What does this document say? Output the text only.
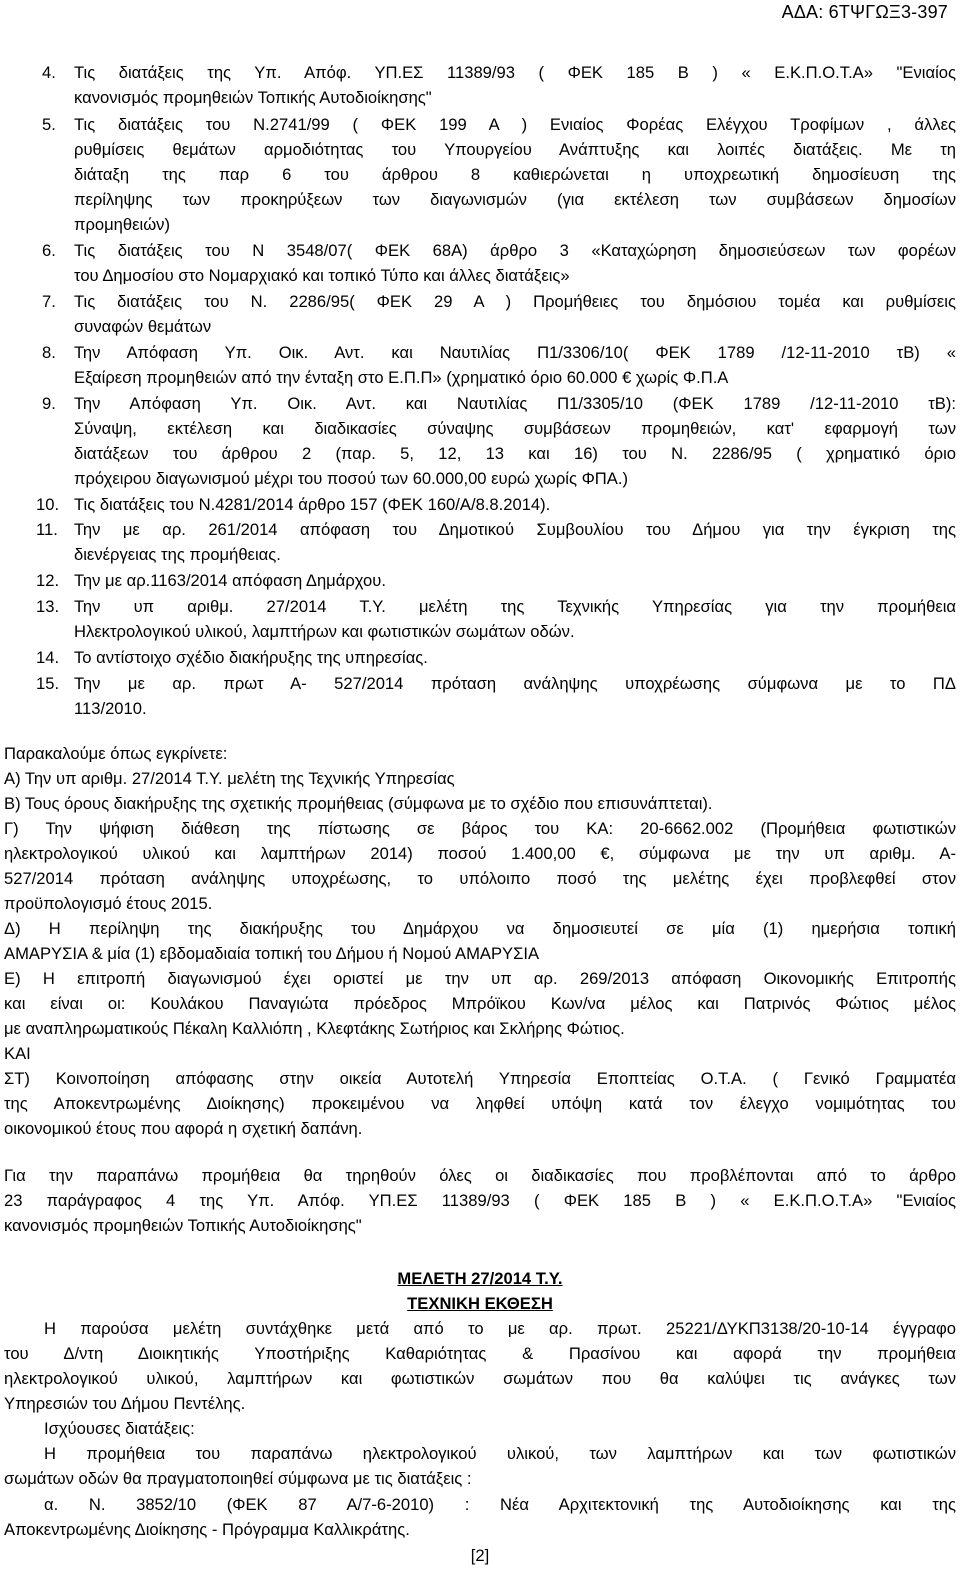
ΑΔΑ: 6ΤΨΓΩΞ3-397
4. Τις διατάξεις της Υπ. Απόφ. ΥΠ.ΕΣ 11389/93 ( ΦΕΚ 185 Β ) « Ε.Κ.Π.Ο.Τ.Α» "Ενιαίος
κανονισμός προμηθειών Τοπικής Αυτοδιοίκησης"
5. Τις διατάξεις του Ν.2741/99 ( ΦΕΚ 199 Α ) Ενιαίος Φορέας Ελέγχου Τροφίμων , άλλες
ρυθμίσεις θεμάτων αρμοδιότητας του Υπουργείου Ανάπτυξης και λοιπές διατάξεις. Με τη
διάταξη της παρ 6 του άρθρου 8 καθιερώνεται η υποχρεωτική δημοσίευση της
περίληψης των προκηρύξεων των διαγωνισμών (για εκτέλεση των συμβάσεων δημοσίων
προμηθειών)
6. Τις διατάξεις του Ν 3548/07( ΦΕΚ 68Α) άρθρο 3 «Καταχώρηση δημοσιεύσεων των φορέων
του Δημοσίου στο Νομαρχιακό και τοπικό Τύπο και άλλες διατάξεις»
7. Τις διατάξεις του Ν. 2286/95( ΦΕΚ 29 Α ) Προμήθειες του δημόσιου τομέα και ρυθμίσεις
συναφών θεμάτων
8. Την Απόφαση Υπ. Οικ. Αντ. και Ναυτιλίας Π1/3306/10( ΦΕΚ 1789 /12-11-2010 τΒ) «
Εξαίρεση προμηθειών από την ένταξη στο Ε.Π.Π» (χρηματικό όριο 60.000 € χωρίς Φ.Π.Α
9. Την Απόφαση Υπ. Οικ. Αντ. και Ναυτιλίας Π1/3305/10 (ΦΕΚ 1789 /12-11-2010 τΒ):
Σύναψη, εκτέλεση και διαδικασίες σύναψης συμβάσεων προμηθειών, κατ' εφαρμογή των
διατάξεων του άρθρου 2 (παρ. 5, 12, 13 και 16) του Ν. 2286/95 ( χρηματικό όριο
πρόχειρου διαγωνισμού μέχρι του ποσού των 60.000,00 ευρώ χωρίς ΦΠΑ.)
10. Τις διατάξεις του Ν.4281/2014 άρθρο 157 (ΦΕΚ 160/Α/8.8.2014).
11. Την με αρ. 261/2014 απόφαση του Δημοτικού Συμβουλίου του Δήμου για την έγκριση της
διενέργειας της προμήθειας.
12. Την με αρ.1163/2014 απόφαση Δημάρχου.
13. Την υπ αριθμ. 27/2014 Τ.Υ. μελέτη της Τεχνικής Υπηρεσίας για την προμήθεια
Ηλεκτρολογικού υλικού, λαμπτήρων και φωτιστικών σωμάτων οδών.
14. Το αντίστοιχο σχέδιο διακήρυξης της υπηρεσίας.
15. Την με αρ. πρωτ Α- 527/2014 πρόταση ανάληψης υποχρέωσης σύμφωνα με το ΠΔ
113/2010.
Παρακαλούμε όπως εγκρίνετε:
Α) Την υπ αριθμ. 27/2014 Τ.Υ. μελέτη της Τεχνικής Υπηρεσίας
Β) Τους όρους διακήρυξης της σχετικής προμήθειας (σύμφωνα με το σχέδιο που επισυνάπτεται).
Γ) Την ψήφιση διάθεση της πίστωσης σε βάρος του ΚΑ: 20-6662.002 (Προμήθεια φωτιστικών
ηλεκτρολογικού υλικού και λαμπτήρων 2014) ποσού 1.400,00 €, σύμφωνα με την υπ αριθμ. Α-
527/2014 πρόταση ανάληψης υποχρέωσης, το υπόλοιπο ποσό της μελέτης έχει προβλεφθεί στον
προϋπολογισμό έτους 2015.
Δ) Η περίληψη της διακήρυξης του Δημάρχου να δημοσιευτεί σε μία (1) ημερήσια τοπική
ΑΜΑΡΥΣΙΑ & μία (1) εβδομαδιαία τοπική του Δήμου ή Νομού ΑΜΑΡΥΣΙΑ
Ε) Η επιτροπή διαγωνισμού έχει οριστεί με την υπ αρ. 269/2013 απόφαση Οικονομικής Επιτροπής
και είναι οι: Κουλάκου Παναγιώτα πρόεδρος Μπρόϊκου Κων/να μέλος και Πατρινός Φώτιος μέλος
με αναπληρωματικούς Πέκαλη Καλλιόπη , Κλεφτάκης Σωτήριος και Σκλήρης Φώτιος.
ΚΑΙ
ΣΤ) Κοινοποίηση απόφασης στην οικεία Αυτοτελή Υπηρεσία Εποπτείας Ο.Τ.Α. ( Γενικό Γραμματέα
της Αποκεντρωμένης Διοίκησης) προκειμένου να ληφθεί υπόψη κατά τον έλεγχο νομιμότητας του
οικονομικού έτους που αφορά η σχετική δαπάνη.
Για την παραπάνω προμήθεια θα τηρηθούν όλες οι διαδικασίες που προβλέπονται από το άρθρο
23 παράγραφος 4 της Υπ. Απόφ. ΥΠ.ΕΣ 11389/93 ( ΦΕΚ 185 Β ) « Ε.Κ.Π.Ο.Τ.Α» "Ενιαίος
κανονισμός προμηθειών Τοπικής Αυτοδιοίκησης"
ΜΕΛΕΤΗ 27/2014 Τ.Υ.
ΤΕΧΝΙΚΗ ΕΚΘΕΣΗ
Η παρούσα μελέτη συντάχθηκε μετά από το με αρ. πρωτ. 25221/ΔΥΚΠ3138/20-10-14 έγγραφο
του Δ/ντη Διοικητικής Υποστήριξης Καθαριότητας & Πρασίνου και αφορά την προμήθεια
ηλεκτρολογικού υλικού, λαμπτήρων και φωτιστικών σωμάτων που θα καλύψει τις ανάγκες των
Υπηρεσιών του Δήμου Πεντέλης.
Ισχύουσες διατάξεις:
Η προμήθεια του παραπάνω ηλεκτρολογικού υλικού, των λαμπτήρων και των φωτιστικών
σωμάτων οδών θα πραγματοποιηθεί σύμφωνα με τις διατάξεις :
α. Ν. 3852/10 (ΦΕΚ 87 Α/7-6-2010) : Νέα Αρχιτεκτονική της Αυτοδιοίκησης και της
Αποκεντρωμένης Διοίκησης - Πρόγραμμα Καλλικράτης.
[2]
